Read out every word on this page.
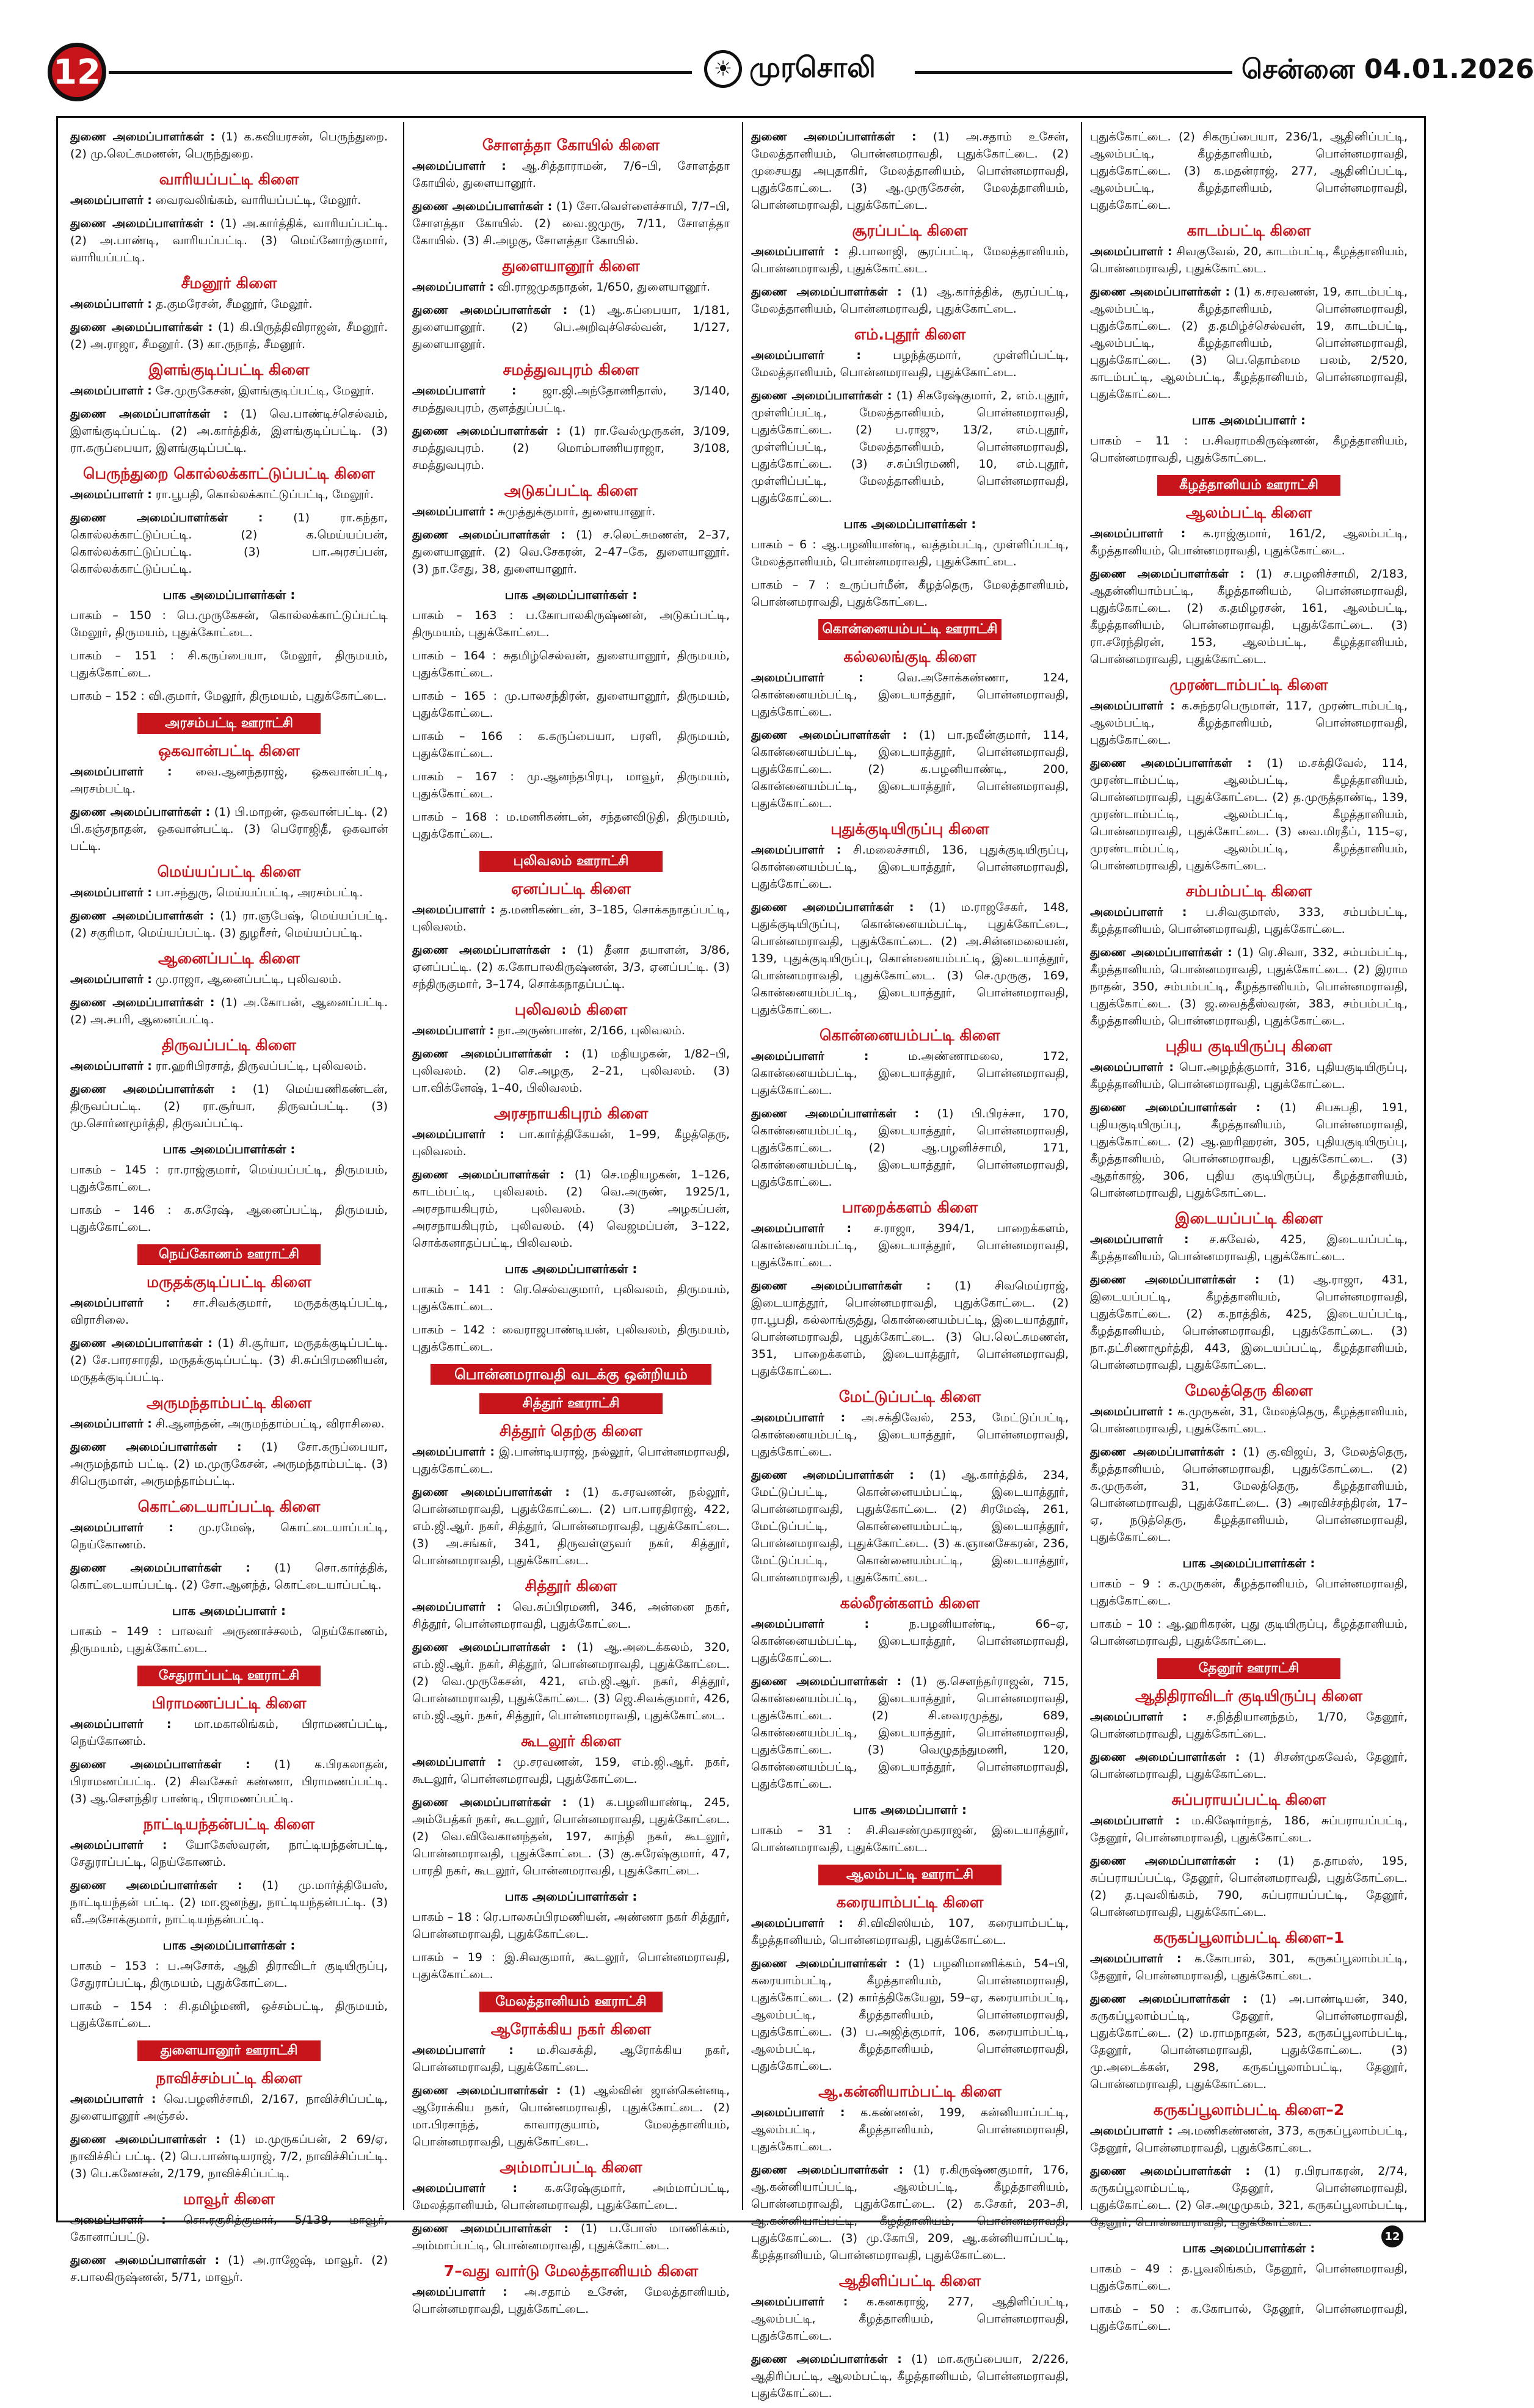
12	☀ முரசொலி	சென்னை 04.01.2026

துணை அமைப்பாளர்கள் : (1) க.கவியரசன், பெருந்துறை. (2) மு.லெட்சுமணன், பெருந்துறை.

வாரியப்பட்டி கிளை

அமைப்பாளர் : வைரவலிங்கம், வாரியப்பட்டி, மேலூர்.

துணை அமைப்பாளர்கள் : (1) அ.கார்த்திக், வாரியப்பட்டி. (2) அ.பாண்டி, வாரியப்பட்டி. (3) மெய்னோற்குமார், வாரியப்பட்டி.

சீமனூர் கிளை

அமைப்பாளர் : த.குமரேசன், சீமனூர், மேலூர்.

துணை அமைப்பாளர்கள் : (1) கி.பிருத்திவிராஜன், சீமனூர். (2) அ.ராஜா, சீமனூர். (3) கா.ருநாத், சீமனூர்.

இளங்குடிப்பட்டி கிளை

அமைப்பாளர் : சே.முருகேசன், இளங்குடிப்பட்டி, மேலூர்.

துணை அமைப்பாளர்கள் : (1) வெ.பாண்டிச்செல்வம், இளங்குடிப்பட்டி. (2) அ.கார்த்திக், இளங்குடிப்பட்டி. (3) ரா.கருப்பையா, இளங்குடிப்பட்டி.

பெருந்துறை கொல்லக்காட்டுப்பட்டி கிளை

அமைப்பாளர் : ரா.பூபதி, கொல்லக்காட்டுப்பட்டி, மேலூர்.

துணை அமைப்பாளர்கள் :	(1) ரா.கந்தா, கொல்லக்காட்டுப்பட்டி. (2) க.மெய்யப்பன், கொல்லக்காட்டுப்பட்டி. (3) பா.அரசப்பன், கொல்லக்காட்டுப்பட்டி.

பாக அமைப்பாளர்கள் :

பாகம் – 150 : பெ.முருகேசன், கொல்லக்காட்டுப்பட்டி மேலூர், திருமயம், புதுக்கோட்டை.

பாகம் – 151 : சி.கருப்பையா, மேலூர், திருமயம், புதுக்கோட்டை.

பாகம் – 152 : வி.குமார், மேலூர், திருமயம், புதுக்கோட்டை.

அரசம்பட்டி ஊராட்சி
ஒகவான்பட்டி கிளை

அமைப்பாளர் : வை.ஆனந்தராஜ், ஒகவான்பட்டி, அரசம்பட்டி.

துணை அமைப்பாளர்கள் : (1) பி.மாறன், ஒகவான்பட்டி. (2) பி.கஞ்சநாதன், ஒகவான்பட்டி. (3) பெரோஜிதீ, ஒகவான் பட்டி.

மெய்யப்பட்டி கிளை

அமைப்பாளர் : பா.சந்துரு, மெய்யப்பட்டி, அரசம்பட்டி.

துணை அமைப்பாளர்கள் : (1) ரா.ஞபேஷ், மெய்யப்பட்டி. (2) சகுரிமா, மெய்யப்பட்டி. (3) துழரீசர், மெய்யப்பட்டி.

ஆனைப்பட்டி கிளை

அமைப்பாளர் : மு.ராஜா, ஆனைப்பட்டி, புலிவலம்.

துணை அமைப்பாளர்கள் : (1) அ.கோபன், ஆனைப்பட்டி. (2) அ.சபரி, ஆனைப்பட்டி.

திருவப்பட்டி கிளை

அமைப்பாளர் : ரா.ஹரிபிரசாத், திருவப்பட்டி, புலிவலம்.

துணை அமைப்பாளர்கள் : (1) மெய்யணிகண்டன், திருவப்பட்டி. (2) ரா.சூர்யா, திருவப்பட்டி. (3) மு.சொர்ணமூர்த்தி, திருவப்பட்டி.

பாக அமைப்பாளர்கள் :

பாகம் – 145 : ரா.ராஜ்குமார், மெய்யப்பட்டி, திருமயம், புதுக்கோட்டை.

பாகம் – 146 : க.சுரேஷ், ஆனைப்பட்டி, திருமயம், புதுக்கோட்டை.

நெய்கோணம் ஊராட்சி
மருதக்குடிப்பட்டி கிளை

அமைப்பாளர் : சா.சிவக்குமார், மருதக்குடிப்பட்டி, விராசிலை.

துணை அமைப்பாளர்கள் : (1) சி.சூர்யா, மருதக்குடிப்பட்டி. (2) சே.பாரசாரதி, மருதக்குடிப்பட்டி. (3) சி.சுப்பிரமணியன், மருதக்குடிப்பட்டி.

அருமந்தாம்பட்டி கிளை

அமைப்பாளர் : சி.ஆனந்தன், அருமந்தாம்பட்டி, விராசிலை.

துணை அமைப்பாளர்கள் : (1) சோ.கருப்பையா, அருமந்தாம் பட்டி. (2) ம.முருகேசன், அருமந்தாம்பட்டி. (3) சிபெருமாள், அருமந்தாம்பட்டி.

கொட்டையாப்பட்டி கிளை

அமைப்பாளர் : மு.ரமேஷ், கொட்டையாப்பட்டி, நெய்கோணம்.

துணை அமைப்பாளர்கள் : (1) சொ.கார்த்திக், கொட்டையாப்பட்டி. (2) சோ.ஆனந்த், கொட்டையாப்பட்டி.

பாக அமைப்பாளர் :

பாகம் – 149 : பாலவர் அருணாச்சலம், நெய்கோணம், திருமயம், புதுக்கோட்டை.

சேதுராப்பட்டி ஊராட்சி
பிராமணப்பட்டி கிளை

அமைப்பாளர் : மா.மகாலிங்கம், பிராமணப்பட்டி, நெய்கோணம்.

துணை அமைப்பாளர்கள் : (1) க.பிரகலாதன், பிராமணப்பட்டி. (2) சிவசேகர் கண்ணா, பிராமணப்பட்டி. (3) ஆ.சௌந்திர பாண்டி, பிராமணப்பட்டி.

நாட்டியந்தன்பட்டி கிளை

அமைப்பாளர் : யோகேஸ்வரன், நாட்டியந்தன்பட்டி, சேதுராப்பட்டி, நெய்கோணம்.

துணை அமைப்பாளர்கள் : (1) மு.மார்த்தியேஸ், நாட்டியந்தன் பட்டி. (2) மா.ஜனந்து, நாட்டியந்தன்பட்டி. (3) வீ.அசோக்குமார், நாட்டியந்தன்பட்டி.

பாக அமைப்பாளர்கள் :

பாகம் – 153 : ப.அசோக், ஆதி திராவிடர் குடியிருப்பு, சேதுராப்பட்டி, திருமயம், புதுக்கோட்டை.

பாகம் – 154 : சி.தமிழ்மணி, ஒச்சம்பட்டி, திருமயம், புதுக்கோட்டை.

துளையானூர் ஊராட்சி
நாவிச்சம்பட்டி கிளை

அமைப்பாளர் : வெ.பழனிச்சாமி, 2/167, நாவிச்சிப்பட்டி, துளையானூர் அஞ்சல்.

துணை அமைப்பாளர்கள் : (1) ம.முருகப்பன், 2 69/ஏ, நாவிச்சிப் பட்டி. (2) பெ.பாண்டியராஜ், 7/2, நாவிச்சிப்பட்டி. (3) பெ.கணேசன், 2/179, நாவிச்சிப்பட்டி.

மாவூர் கிளை

அமைப்பாளர் : சொ.ரகுசித்குமார், 5/139, மாவூர், கோனாப்பட்டு.

துணை அமைப்பாளர்கள் : (1) அ.ராஜேஷ், மாவூர். (2) ச.பாலகிருஷ்ணன், 5/71, மாவூர்.

சோளத்தா கோயில் கிளை

அமைப்பாளர் : ஆ.சித்தாராமன், 7/6–பி, சோளத்தா கோயில், துளையானூர்.

துணை அமைப்பாளர்கள் : (1) சோ.வெள்ளைச்சாமி, 7/7–பி, சோளத்தா கோயில். (2) வை.ஜமுரு, 7/11, சோளத்தா கோயில். (3) சி.அழகு, சோளத்தா கோயில்.

துளையானூர் கிளை

அமைப்பாளர் : வி.ராஜமுகநாதன், 1/650, துளையானூர்.

துணை அமைப்பாளர்கள் : (1) ஆ.சுப்பையா, 1/181, துளையானூர். (2) பெ.அறிவுச்செல்வன், 1/127, துளையானூர்.

சமத்துவபுரம் கிளை

அமைப்பாளர் : ஜா.ஜி.அந்தோணிதாஸ், 3/140, சமத்துவபுரம், குளத்துப்பட்டி.

துணை அமைப்பாளர்கள் : (1) ரா.வேல்முருகன், 3/109, சமத்துவபுரம். (2) மொம்பாணியராஜா, 3/108, சமத்துவபுரம்.

அடுகப்பட்டி கிளை

அமைப்பாளர் : சுமுத்துக்குமார், துளையானூர்.

துணை அமைப்பாளர்கள் : (1) ச.லெட்சுமணன், 2–37, துளையானூர். (2) வெ.சேகரன், 2–47–கே, துளையானூர். (3) நா.சேது, 38, துளையானூர்.

பாக அமைப்பாளர்கள் :

பாகம் – 163 : ப.கோபாலகிருஷ்ணன், அடுகப்பட்டி, திருமயம், புதுக்கோட்டை.

பாகம் – 164 : சுதமிழ்செல்வன், துளையானூர், திருமயம், புதுக்கோட்டை.

பாகம் – 165 : மு.பாலசந்திரன், துளையானூர், திருமயம், புதுக்கோட்டை.

பாகம் – 166 : க.கருப்பையா, பரளி, திருமயம், புதுக்கோட்டை.

பாகம் – 167 : மு.ஆனந்தபிரபு, மாவூர், திருமயம், புதுக்கோட்டை.

பாகம் – 168 : ம.மணிகண்டன், சந்தனவிடுதி, திருமயம், புதுக்கோட்டை.

புலிவலம் ஊராட்சி
ஏனப்பட்டி கிளை

அமைப்பாளர் : த.மணிகண்டன், 3–185, சொக்கநாதப்பட்டி, புலிவலம்.

துணை அமைப்பாளர்கள் : (1) தீனா தயாளன், 3/86, ஏனப்பட்டி. (2) க.கோபாலகிருஷ்ணன், 3/3, ஏனப்பட்டி. (3) சந்திருகுமார், 3–174, சொக்கநாதப்பட்டி.

புலிவலம் கிளை

அமைப்பாளர் : நா.அருண்பாண், 2/166, புலிவலம்.

துணை அமைப்பாளர்கள் : (1) மதியழகன், 1/82–பி, புலிவலம். (2) செ.அழகு, 2–21, புலிவலம். (3) பா.விக்னேஷ், 1–40, பிலிவலம்.

அரசநாயகிபுரம் கிளை

அமைப்பாளர் : பா.கார்த்திகேயன், 1–99, கீழத்தெரு, புலிவலம்.

துணை அமைப்பாளர்கள் : (1) செ.மதியழகன், 1–126, காடம்பட்டி, புலிவலம். (2) வெ.அருண், 1925/1, அரசநாயகிபுரம், புலிவலம். (3) அழகப்பன், அரசநாயகிபுரம், புலிவலம். (4) வெஜமப்பன், 3–122, சொக்கனாதப்பட்டி, பிலிவலம்.

பாக அமைப்பாளர்கள் :

பாகம் – 141 : ரெ.செல்வகுமார், புலிவலம், திருமயம், புதுக்கோட்டை.

பாகம் – 142 : வைராஜபாண்டியன், புலிவலம், திருமயம், புதுக்கோட்டை.

பொன்னமராவதி வடக்கு ஒன்றியம்
சித்தூர் ஊராட்சி
சித்தூர் தெற்கு கிளை

அமைப்பாளர் : இ.பாண்டியராஜ், நல்லூர், பொன்னமராவதி, புதுக்கோட்டை.

துணை அமைப்பாளர்கள் : (1) க.சரவணன், நல்லூர், பொன்னமராவதி, புதுக்கோட்டை. (2) பா.பாரதிராஜ், 422, எம்.ஜி.ஆர். நகர், சித்தூர், பொன்னமராவதி, புதுக்கோட்டை. (3) அ.சங்கர், 341, திருவள்ளுவர் நகர், சித்தூர், பொன்னமராவதி, புதுக்கோட்டை.

சித்தூர் கிளை

அமைப்பாளர் : வெ.சுப்பிரமணி, 346, அன்னை நகர், சித்தூர், பொன்னமராவதி, புதுக்கோட்டை.

துணை அமைப்பாளர்கள் : (1) ஆ.அடைக்கலம், 320, எம்.ஜி.ஆர். நகர், சித்தூர், பொன்னமராவதி, புதுக்கோட்டை. (2) வெ.முருகேசன், 421, எம்.ஜி.ஆர். நகர், சித்தூர், பொன்னமராவதி, புதுக்கோட்டை. (3) ஜெ.சிவக்குமார், 426, எம்.ஜி.ஆர். நகர், சித்தூர், பொன்னமராவதி, புதுக்கோட்டை.

கூடலூர் கிளை

அமைப்பாளர் : மு.சரவணன், 159, எம்.ஜி.ஆர். நகர், கூடலூர், பொன்னமராவதி, புதுக்கோட்டை.

துணை அமைப்பாளர்கள் : (1) க.பழனியாண்டி, 245, அம்பேத்கர் நகர், கூடலூர், பொன்னமராவதி, புதுக்கோட்டை. (2) வெ.விவேகானந்தன், 197, காந்தி நகர், கூடலூர், பொன்னமராவதி, புதுக்கோட்டை. (3) கு.சுரேஷ்குமார், 47, பாரதி நகர், கூடலூர், பொன்னமராவதி, புதுக்கோட்டை.

பாக அமைப்பாளர்கள் :

பாகம் – 18 : ரெ.பாலசுப்பிரமணியன், அண்ணா நகர் சித்தூர், பொன்னமராவதி, புதுக்கோட்டை.

பாகம் – 19 : இ.சிவகுமார், கூடலூர், பொன்னமராவதி, புதுக்கோட்டை.

மேலத்தானியம் ஊராட்சி
ஆரோக்கிய நகர் கிளை

அமைப்பாளர் : ம.சிவசக்தி, ஆரோக்கிய நகர், பொன்னமராவதி, புதுக்கோட்டை.

துணை அமைப்பாளர்கள் : (1) ஆல்வின் ஜான்கென்னடி, ஆரோக்கிய நகர், பொன்னமராவதி, புதுக்கோட்டை. (2) மா.பிரசாந்த், காவாரகுயாம், மேலத்தானியம், பொன்னமராவதி, புதுக்கோட்டை.

அம்மாப்பட்டி கிளை

அமைப்பாளர் : க.சுரேஷ்குமார், அம்மாப்பட்டி, மேலத்தானியம், பொன்னமராவதி, புதுக்கோட்டை.

துணை அமைப்பாளர்கள் : (1) ப.போஸ் மாணிக்கம், அம்மாப்பட்டி, பொன்னமராவதி, புதுக்கோட்டை.

7–வது வார்டு மேலத்தானியம் கிளை

அமைப்பாளர் : அ.சதாம் உசேன், மேலத்தானியம், பொன்னமராவதி, புதுக்கோட்டை.

துணை அமைப்பாளர்கள் : (1) அ.சதாம் உசேன், மேலத்தானியம், பொன்னமராவதி, புதுக்கோட்டை. (2) முசையது அபுதாகிர், மேலத்தானியம், பொன்னமராவதி, புதுக்கோட்டை. (3) ஆ.முருகேசன், மேலத்தானியம், பொன்னமராவதி, புதுக்கோட்டை.

சூரப்பட்டி கிளை

அமைப்பாளர் : தி.பாலாஜி, சூரப்பட்டி, மேலத்தானியம், பொன்னமராவதி, புதுக்கோட்டை.

துணை அமைப்பாளர்கள் : (1) ஆ.கார்த்திக், சூரப்பட்டி, மேலத்தானியம், பொன்னமராவதி, புதுக்கோட்டை.

எம்.புதூர் கிளை

அமைப்பாளர் :	பழந்த்குமார், முள்ளிப்பட்டி, மேலத்தானியம், பொன்னமராவதி, புதுக்கோட்டை.

துணை அமைப்பாளர்கள் : (1) சிகரேஷ்குமார், 2, எம்.புதூர், முள்ளிப்பட்டி, மேலத்தானியம், பொன்னமராவதி, புதுக்கோட்டை. (2) ப.ராஜு, 13/2, எம்.புதூர், முள்ளிப்பட்டி, மேலத்தானியம், பொன்னமராவதி, புதுக்கோட்டை. (3) ச.சுப்பிரமணி, 10, எம்.புதூர், முள்ளிப்பட்டி, மேலத்தானியம், பொன்னமராவதி, புதுக்கோட்டை.

பாக அமைப்பாளர்கள் :

பாகம் – 6 : ஆ.பழனியாண்டி, வத்தம்பட்டி, முள்ளிப்பட்டி, மேலத்தானியம், பொன்னமராவதி, புதுக்கோட்டை.

பாகம் – 7 : உருப்பர்மீன், கீழத்தெரு, மேலத்தானியம், பொன்னமராவதி, புதுக்கோட்டை.

கொன்னையம்பட்டி ஊராட்சி
கல்லலங்குடி கிளை

அமைப்பாளர் :	வெ.அசோக்கண்ணா, 124, கொன்னையம்பட்டி, இடையாத்தூர், பொன்னமராவதி, புதுக்கோட்டை.

துணை அமைப்பாளர்கள் : (1) பா.நவீன்குமார், 114, கொன்னையம்பட்டி, இடையாத்தூர், பொன்னமராவதி, புதுக்கோட்டை. (2) க.பழனியாண்டி, 200, கொன்னையம்பட்டி, இடையாத்தூர், பொன்னமராவதி, புதுக்கோட்டை.

புதுக்குடியிருப்பு கிளை

அமைப்பாளர் : சி.மலைச்சாமி, 136, புதுக்குடியிருப்பு, கொன்னையம்பட்டி, இடையாத்தூர், பொன்னமராவதி, புதுக்கோட்டை.

துணை அமைப்பாளர்கள் : (1) ம.ராஜசேகர், 148, புதுக்குடியிருப்பு, கொன்னையம்பட்டி, புதுக்கோட்டை, பொன்னமராவதி, புதுக்கோட்டை. (2) அ.சின்னமலையன், 139, புதுக்குடியிருப்பு, கொன்னையம்பட்டி, இடையாத்தூர், பொன்னமராவதி, புதுக்கோட்டை. (3) செ.முருகு, 169, கொன்னையம்பட்டி, இடையாத்தூர், பொன்னமராவதி, புதுக்கோட்டை.

கொன்னையம்பட்டி கிளை

அமைப்பாளர் :	ம.அண்ணாமலை, 172, கொன்னையம்பட்டி, இடையாத்தூர், பொன்னமராவதி, புதுக்கோட்டை.

துணை அமைப்பாளர்கள் : (1) பி.பிரச்சா, 170, கொன்னையம்பட்டி, இடையாத்தூர், பொன்னமராவதி, புதுக்கோட்டை. (2) ஆ.பழனிச்சாமி, 171, கொன்னையம்பட்டி, இடையாத்தூர், பொன்னமராவதி, புதுக்கோட்டை.

பாறைக்களம் கிளை

அமைப்பாளர் : ச.ராஜா, 394/1, பாறைக்களம், கொன்னையம்பட்டி, இடையாத்தூர், பொன்னமராவதி, புதுக்கோட்டை.

துணை அமைப்பாளர்கள் : (1) சிவமெய்ராஜ், இடையாத்தூர், பொன்னமராவதி, புதுக்கோட்டை. (2) ரா.பூபதி, கல்லாங்குத்து, கொன்னையம்பட்டி, இடையாத்தூர், பொன்னமராவதி, புதுக்கோட்டை. (3) பெ.லெட்சுமணன், 351, பாறைக்களம், இடையாத்தூர், பொன்னமராவதி, புதுக்கோட்டை.

மேட்டுப்பட்டி கிளை

அமைப்பாளர் : அ.சக்திவேல், 253, மேட்டுப்பட்டி, கொன்னையம்பட்டி, இடையாத்தூர், பொன்னமராவதி, புதுக்கோட்டை.

துணை அமைப்பாளர்கள் : (1) ஆ.கார்த்திக், 234, மேட்டுப்பட்டி, கொன்னையம்பட்டி, இடையாத்தூர், பொன்னமராவதி, புதுக்கோட்டை. (2) சிரமேஷ், 261, மேட்டுப்பட்டி, கொன்னையம்பட்டி, இடையாத்தூர், பொன்னமராவதி, புதுக்கோட்டை. (3) க.ஞானசேகரன், 236, மேட்டுப்பட்டி, கொன்னையம்பட்டி, இடையாத்தூர், பொன்னமராவதி, புதுக்கோட்டை.

கல்லீரன்களம் கிளை

அமைப்பாளர் :	ந.பழனியாண்டி, 66–ஏ, கொன்னையம்பட்டி, இடையாத்தூர், பொன்னமராவதி, புதுக்கோட்டை.

துணை அமைப்பாளர்கள் : (1) கு.சௌந்தர்ராஜன், 715, கொன்னையம்பட்டி, இடையாத்தூர், பொன்னமராவதி, புதுக்கோட்டை. (2) சி.வைரமுத்து, 689, கொன்னையம்பட்டி, இடையாத்தூர், பொன்னமராவதி, புதுக்கோட்டை. (3) வெழுதந்துமணி, 120, கொன்னையம்பட்டி, இடையாத்தூர், பொன்னமராவதி, புதுக்கோட்டை.

பாக அமைப்பாளர் :

பாகம் – 31 : சி.சிவசண்முகராஜன், இடையாத்தூர், பொன்னமராவதி, புதுக்கோட்டை.

ஆலம்பட்டி ஊராட்சி
கரையாம்பட்டி கிளை

அமைப்பாளர் : சி.விவிஸியம், 107, கரையாம்பட்டி, கீழத்தானியம், பொன்னமராவதி, புதுக்கோட்டை.

துணை அமைப்பாளர்கள் : (1) பழனிமாணிக்கம், 54–பி, கரையாம்பட்டி, கீழத்தானியம், பொன்னமராவதி, புதுக்கோட்டை. (2) கார்த்திகேயேலு, 59–ஏ, கரையாம்பட்டி, ஆலம்பட்டி, கீழத்தானியம், பொன்னமராவதி, புதுக்கோட்டை. (3) ப.அஜித்குமார், 106, கரையாம்பட்டி, ஆலம்பட்டி, கீழத்தானியம், பொன்னமராவதி, புதுக்கோட்டை.

ஆ.கன்னியாம்பட்டி கிளை

அமைப்பாளர் : க.கண்ணன், 199, கன்னியாப்பட்டி, ஆலம்பட்டி, கீழத்தானியம், பொன்னமராவதி, புதுக்கோட்டை.

துணை அமைப்பாளர்கள் : (1) ர.கிருஷ்ணகுமார், 176, ஆ.கன்னியாப்பட்டி, ஆலம்பட்டி, கீழத்தானியம், பொன்னமராவதி, புதுக்கோட்டை. (2) க.சேகர், 203–சி, ஆ.கன்னியாப்பட்டி, கீழத்தானியம், பொன்னமராவதி, புதுக்கோட்டை. (3) மு.கோபி, 209, ஆ.கன்னியாப்பட்டி, கீழத்தானியம், பொன்னமராவதி, புதுக்கோட்டை.

ஆதிளிப்பட்டி கிளை

அமைப்பாளர் : க.கனகராஜ், 277, ஆதிளிப்பட்டி, ஆலம்பட்டி, கீழத்தானியம், பொன்னமராவதி, புதுக்கோட்டை.

துணை அமைப்பாளர்கள் : (1) மா.கருப்பையா, 2/226, ஆதிரிப்பட்டி, ஆலம்பட்டி, கீழத்தானியம், பொன்னமராவதி, புதுக்கோட்டை.

புதுக்கோட்டை. (2) சிகருப்பையா, 236/1, ஆதினிப்பட்டி, ஆலம்பட்டி, கீழத்தானியம், பொன்னமராவதி, புதுக்கோட்டை. (3) க.மதன்ராஜ், 277, ஆதினிப்பட்டி, ஆலம்பட்டி, கீழத்தானியம், பொன்னமராவதி, புதுக்கோட்டை.

காடம்பட்டி கிளை

அமைப்பாளர் : சிவகுவேல், 20, காடம்பட்டி, கீழத்தானியம், பொன்னமராவதி, புதுக்கோட்டை.

துணை அமைப்பாளர்கள் : (1) க.சரவணன், 19, காடம்பட்டி, ஆலம்பட்டி, கீழத்தானியம், பொன்னமராவதி, புதுக்கோட்டை. (2) த.தமிழ்ச்செல்வன், 19, காடம்பட்டி, ஆலம்பட்டி, கீழத்தானியம், பொன்னமராவதி, புதுக்கோட்டை. (3) பெ.தொம்மை பலம், 2/520, காடம்பட்டி, ஆலம்பட்டி, கீழத்தானியம், பொன்னமராவதி, புதுக்கோட்டை.

பாக அமைப்பாளர் :

பாகம் – 11 : ப.சிவராமகிருஷ்ணன், கீழத்தானியம், பொன்னமராவதி, புதுக்கோட்டை.

கீழத்தானியம் ஊராட்சி
ஆலம்பட்டி கிளை

அமைப்பாளர் : க.ராஜ்குமார், 161/2, ஆலம்பட்டி, கீழத்தானியம், பொன்னமராவதி, புதுக்கோட்டை.

துணை அமைப்பாளர்கள் : (1) ச.பழனிச்சாமி, 2/183, ஆதன்னியாம்பட்டி, கீழத்தானியம், பொன்னமராவதி, புதுக்கோட்டை. (2) க.தமிழரசன், 161, ஆலம்பட்டி, கீழத்தானியம், பொன்னமராவதி, புதுக்கோட்டை. (3) ரா.சரேந்திரன், 153, ஆலம்பட்டி, கீழத்தானியம், பொன்னமராவதி, புதுக்கோட்டை.

முரண்டாம்பட்டி கிளை

அமைப்பாளர் : க.சுந்தரபெருமாள், 117, முரண்டாம்பட்டி, ஆலம்பட்டி, கீழத்தானியம், பொன்னமராவதி, புதுக்கோட்டை.

துணை அமைப்பாளர்கள் : (1) ம.சக்திவேல், 114, முரண்டாம்பட்டி, ஆலம்பட்டி, கீழத்தானியம், பொன்னமராவதி, புதுக்கோட்டை. (2) த.முருத்தாண்டி, 139, முரண்டாம்பட்டி, ஆலம்பட்டி, கீழத்தானியம், பொன்னமராவதி, புதுக்கோட்டை. (3) வை.மிரதீப், 115–ஏ, முரண்டாம்பட்டி, ஆலம்பட்டி, கீழத்தானியம், பொன்னமராவதி, புதுக்கோட்டை.

சம்பம்பட்டி கிளை

அமைப்பாளர் : ப.சிவகுமாஸ், 333, சம்பம்பட்டி, கீழத்தானியம், பொன்னமராவதி, புதுக்கோட்டை.

துணை அமைப்பாளர்கள் : (1) ரெ.சிவா, 332, சம்பம்பட்டி, கீழத்தானியம், பொன்னமராவதி, புதுக்கோட்டை. (2) இராம நாதன், 350, சம்பம்பட்டி, கீழத்தானியம், பொன்னமராவதி, புதுக்கோட்டை. (3) ஜ.வைத்தீஸ்வரன், 383, சம்பம்பட்டி, கீழத்தானியம், பொன்னமராவதி, புதுக்கோட்டை.

புதிய குடியிருப்பு கிளை

அமைப்பாளர் : பொ.அழந்த்குமார், 316, புதியகுடியிருப்பு, கீழத்தானியம், பொன்னமராவதி, புதுக்கோட்டை.

துணை அமைப்பாளர்கள் : (1) சிபசுபதி, 191, புதியகுடியிருப்பு, கீழத்தானியம், பொன்னமராவதி, புதுக்கோட்டை. (2) ஆ.ஹரிஹரன், 305, புதியகுடியிருப்பு, கீழத்தானியம், பொன்னமராவதி, புதுக்கோட்டை. (3) ஆதர்காஜ், 306, புதிய குடியிருப்பு, கீழத்தானியம், பொன்னமராவதி, புதுக்கோட்டை.

இடையப்பட்டி கிளை

அமைப்பாளர் : ச.சுவேல், 425, இடையப்பட்டி, கீழத்தானியம், பொன்னமராவதி, புதுக்கோட்டை.

துணை அமைப்பாளர்கள் : (1) ஆ.ராஜா, 431, இடையப்பட்டி, கீழத்தானியம், பொன்னமராவதி, புதுக்கோட்டை. (2) க.நாத்திக், 425, இடையப்பட்டி, கீழத்தானியம், பொன்னமராவதி, புதுக்கோட்டை. (3) நா.தட்சிணாமூர்த்தி, 443, இடையப்பட்டி, கீழத்தானியம், பொன்னமராவதி, புதுக்கோட்டை.

மேலத்தெரு கிளை

அமைப்பாளர் : க.முருகன், 31, மேலத்தெரு, கீழத்தானியம், பொன்னமராவதி, புதுக்கோட்டை.

துணை அமைப்பாளர்கள் : (1) கு.விஜய், 3, மேலத்தெரு, கீழத்தானியம், பொன்னமராவதி, புதுக்கோட்டை. (2) க.முருகன், 31, மேலத்தெரு, கீழத்தானியம், பொன்னமராவதி, புதுக்கோட்டை. (3) அரவிச்சந்திரன், 17–ஏ, நடுத்தெரு, கீழத்தானியம், பொன்னமராவதி, புதுக்கோட்டை.

பாக அமைப்பாளர்கள் :

பாகம் – 9 : க.முருகன், கீழத்தானியம், பொன்னமராவதி, புதுக்கோட்டை.

பாகம் – 10 : ஆ.ஹரிகரன், புது குடியிருப்பு, கீழத்தானியம், பொன்னமராவதி, புதுக்கோட்டை.

தேனூர் ஊராட்சி
ஆதிதிராவிடர் குடியிருப்பு கிளை

அமைப்பாளர் : ச.நித்தியானந்தம், 1/70, தேனூர், பொன்னமராவதி, புதுக்கோட்டை.

துணை அமைப்பாளர்கள் : (1) சிசண்முகவேல், தேனூர், பொன்னமராவதி, புதுக்கோட்டை.

சுப்பராயப்பட்டி கிளை

அமைப்பாளர் : ம.கிஷோர்நாத், 186, சுப்பராயப்பட்டி, தேனூர், பொன்னமராவதி, புதுக்கோட்டை.

துணை அமைப்பாளர்கள் : (1) த.தாமஸ், 195, சுப்பராயப்பட்டி, தேனூர், பொன்னமராவதி, புதுக்கோட்டை. (2) த.புவலிங்கம், 790, சுப்பராயப்பட்டி, தேனூர், பொன்னமராவதி, புதுக்கோட்டை.

கருகப்பூலாம்பட்டி கிளை–1

அமைப்பாளர் : க.கோபால், 301, கருகப்பூலாம்பட்டி, தேனூர், பொன்னமராவதி, புதுக்கோட்டை.

துணை அமைப்பாளர்கள் : (1) அ.பாண்டியன், 340, கருகப்பூலாம்பட்டி, தேனூர், பொன்னமராவதி, புதுக்கோட்டை. (2) ம.ராமநாதன், 523, கருகப்பூலாம்பட்டி, தேனூர், பொன்னமராவதி, புதுக்கோட்டை. (3) மு.அடைக்கன், 298, கருகப்பூலாம்பட்டி, தேனூர், பொன்னமராவதி, புதுக்கோட்டை.

கருகப்பூலாம்பட்டி கிளை–2

அமைப்பாளர் : அ.மணிகண்ணன், 373, கருகப்பூலாம்பட்டி, தேனூர், பொன்னமராவதி, புதுக்கோட்டை.

துணை அமைப்பாளர்கள் : (1) ர.பிரபாகரன், 2/74, கருகப்பூலாம்பட்டி, தேனூர், பொன்னமராவதி, புதுக்கோட்டை. (2) செ.அழுமுகம், 321, கருகப்பூலாம்பட்டி, தேனூர், பொன்னமராவதி, புதுக்கோட்டை.

பாக அமைப்பாளர்கள் :

பாகம் – 49 : த.பூவலிங்கம், தேனூர், பொன்னமராவதி, புதுக்கோட்டை.

பாகம் – 50 : க.கோபால், தேனூர், பொன்னமராவதி, புதுக்கோட்டை.

12
